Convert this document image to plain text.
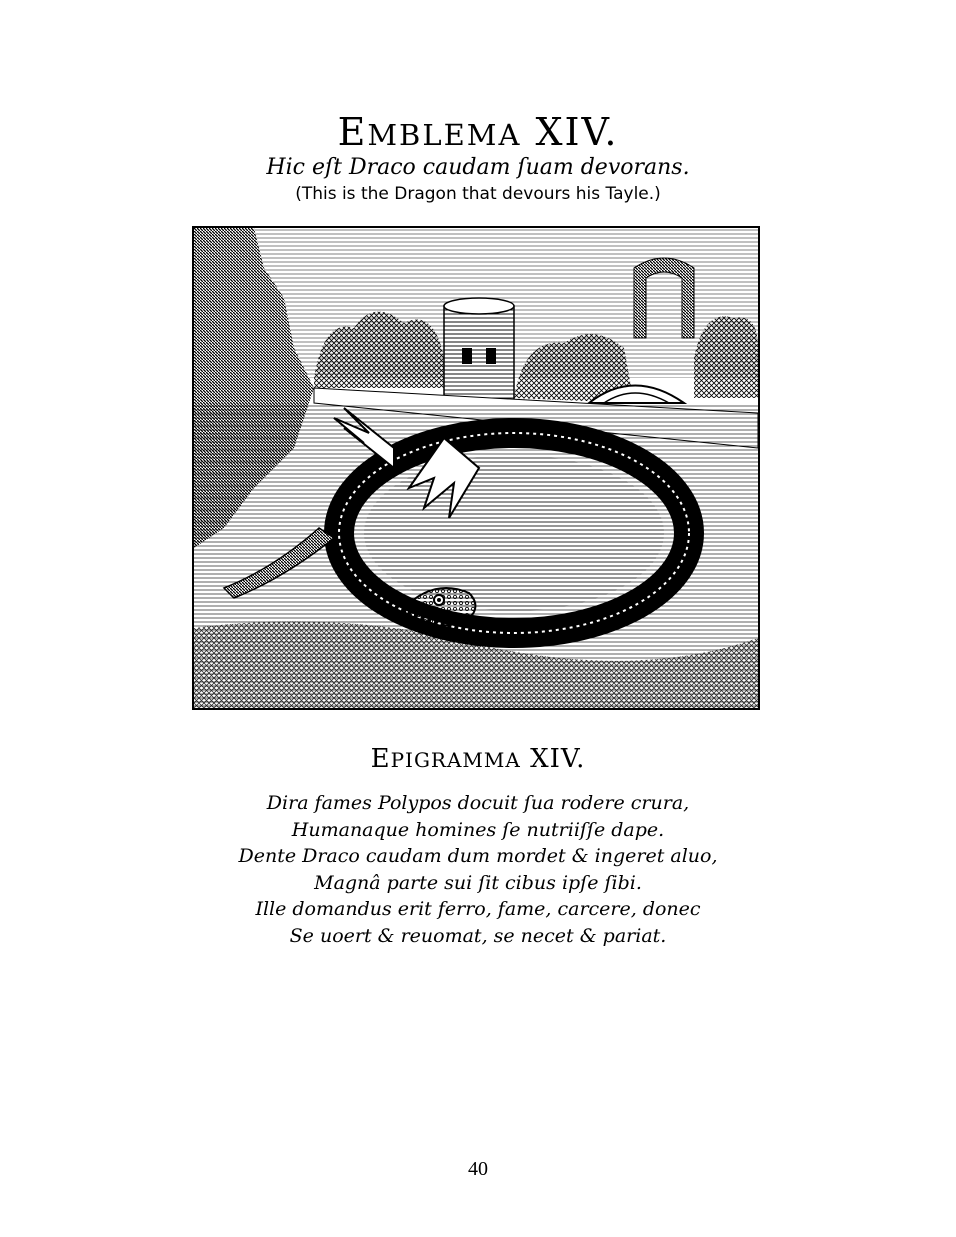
EMBLEMA XIV.
Hic eſt Draco caudam ſuam devorans.
(This is the Dragon that devours his Tayle.)
EPIGRAMMA XIV.
Dira fames Polypos docuit ſua rodere crura,
Humanaque homines ſe nutriiſſe dape.
Dente Draco caudam dum mordet & ingeret aluo,
Magnâ parte sui ſit cibus ipſe ſibi.
Ille domandus erit ferro, fame, carcere, donec
Se uoert & reuomat, se necet & pariat.
40
